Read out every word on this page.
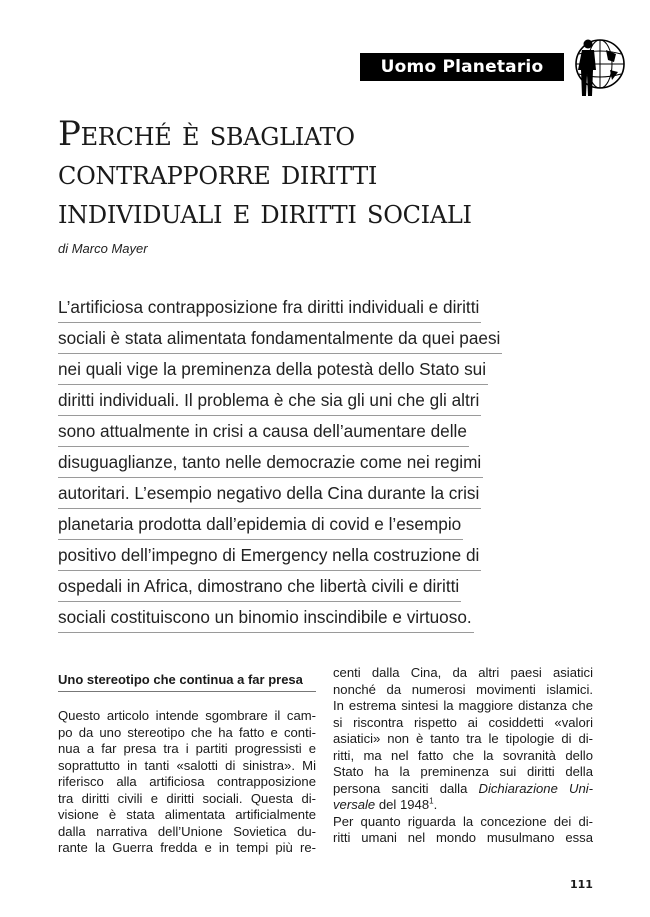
Uomo Planetario
Perché è sbagliato
contrapporre diritti
individuali e diritti sociali
di Marco Mayer
L’artificiosa contrapposizione fra diritti individuali e diritti
sociali è stata alimentata fondamentalmente da quei paesi
nei quali vige la preminenza della potestà dello Stato sui
diritti individuali. Il problema è che sia gli uni che gli altri
sono attualmente in crisi a causa dell’aumentare delle
disuguaglianze, tanto nelle democrazie come nei regimi
autoritari. L’esempio negativo della Cina durante la crisi
planetaria prodotta dall’epidemia di covid e l’esempio
positivo dell’impegno di Emergency nella costruzione di
ospedali in Africa, dimostrano che libertà civili e diritti
sociali costituiscono un binomio inscindibile e virtuoso.
Uno stereotipo che continua a far presa
Questo articolo intende sgombrare il cam-
po da uno stereotipo che ha fatto e conti-
nua a far presa tra i partiti progressisti e
soprattutto in tanti «salotti di sinistra». Mi
riferisco alla artificiosa contrapposizione
tra diritti civili e diritti sociali. Questa di-
visione è stata alimentata artificialmente
dalla narrativa dell’Unione Sovietica du-
rante la Guerra fredda e in tempi più re-
centi dalla Cina, da altri paesi asiatici
nonché da numerosi movimenti islamici.
In estrema sintesi la maggiore distanza che
si riscontra rispetto ai cosiddetti «valori
asiatici» non è tanto tra le tipologie di di-
ritti, ma nel fatto che la sovranità dello
Stato ha la preminenza sui diritti della
persona sanciti dalla Dichiarazione Uni-
versale del 1948$^1$.
Per quanto riguarda la concezione dei di-
ritti umani nel mondo musulmano essa
111
